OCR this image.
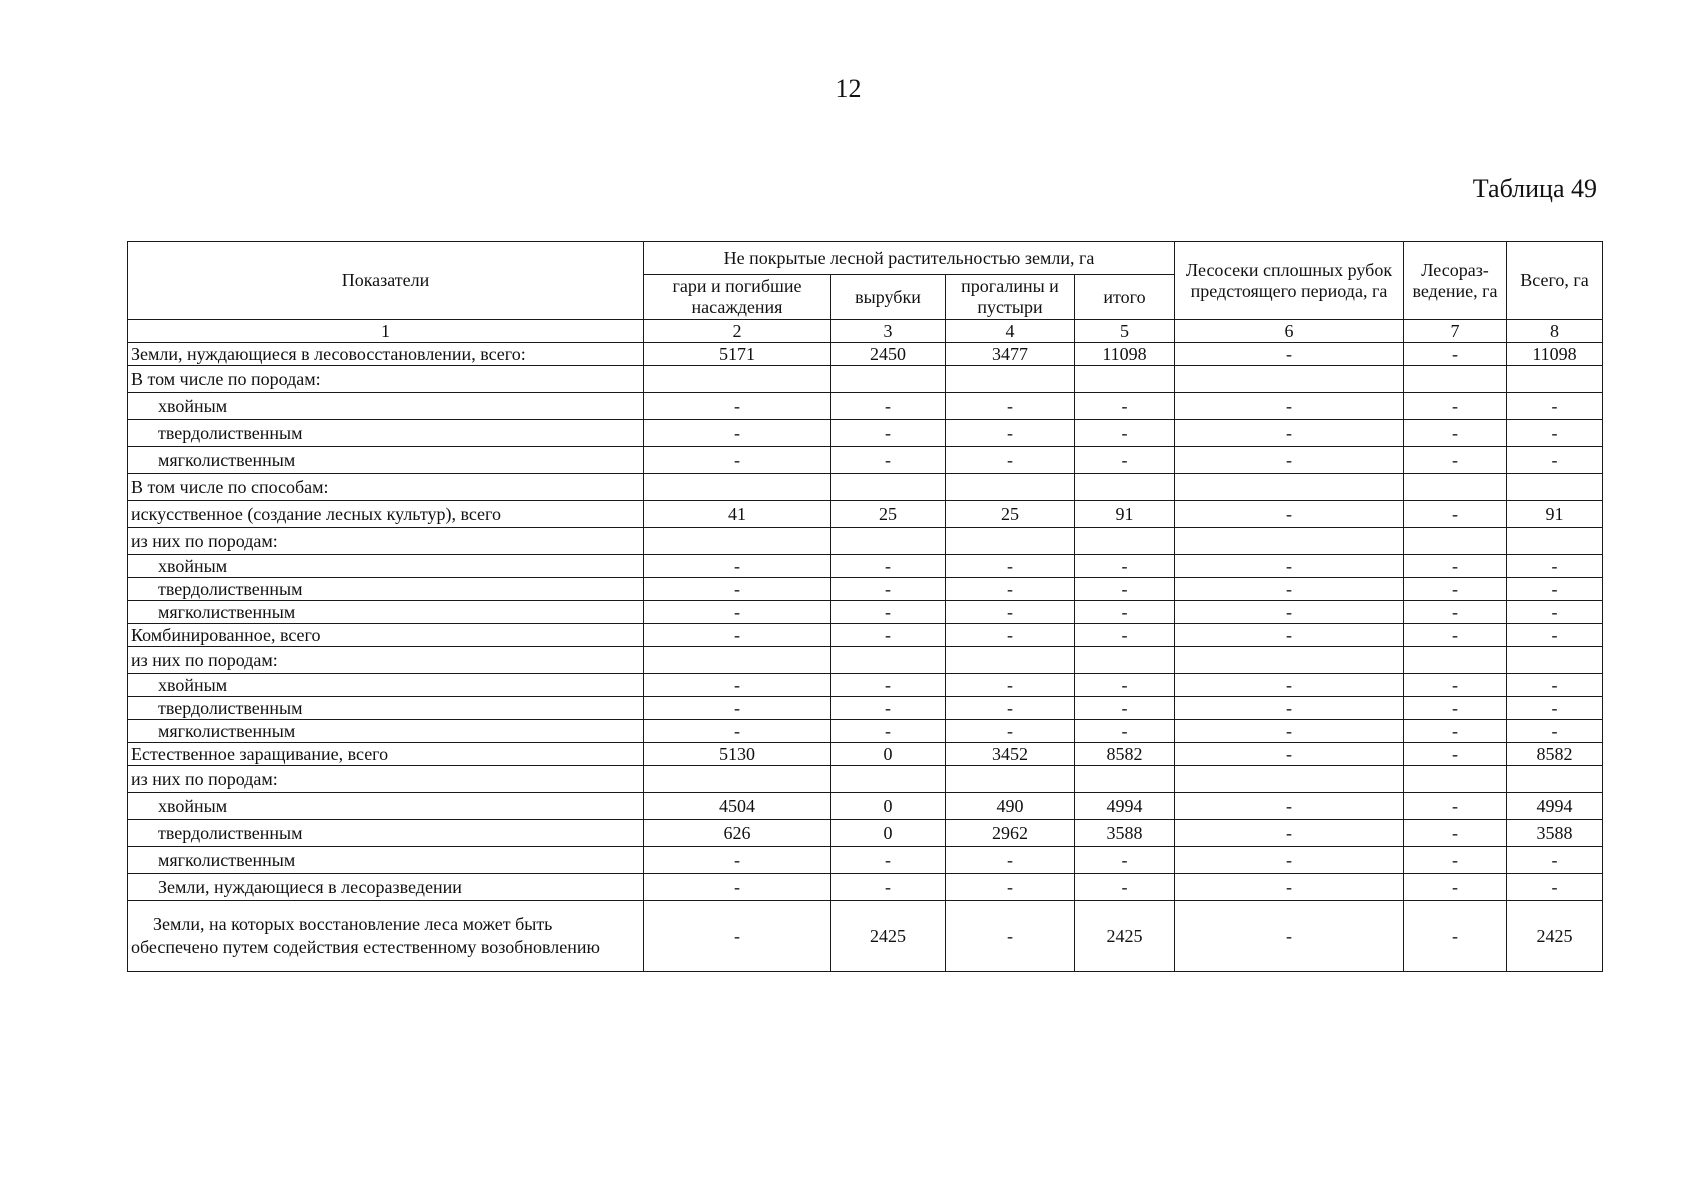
12
Таблица 49
Показатели	Не покрытые лесной растительностью земли, га				Лесосеки сплошных рубок предстоящего периода, га	Лесораз-ведение, га	Всего, га
	гари и погибшие насаждения	вырубки	прогалины и пустыри	итого			
1	2	3	4	5	6	7	8
Земли, нуждающиеся в лесовосстановлении, всего:	5171	2450	3477	11098	-	-	11098
В том числе по породам:							
хвойным	-	-	-	-	-	-	-
твердолиственным	-	-	-	-	-	-	-
мягколиственным	-	-	-	-	-	-	-
В том числе по способам:							
искусственное (создание лесных культур), всего	41	25	25	91	-	-	91
из них по породам:							
хвойным	-	-	-	-	-	-	-
твердолиственным	-	-	-	-	-	-	-
мягколиственным	-	-	-	-	-	-	-
Комбинированное, всего	-	-	-	-	-	-	-
из них по породам:							
хвойным	-	-	-	-	-	-	-
твердолиственным	-	-	-	-	-	-	-
мягколиственным	-	-	-	-	-	-	-
Естественное заращивание, всего	5130	0	3452	8582	-	-	8582
из них по породам:							
хвойным	4504	0	490	4994	-	-	4994
твердолиственным	626	0	2962	3588	-	-	3588
мягколиственным	-	-	-	-	-	-	-
Земли, нуждающиеся в лесоразведении	-	-	-	-	-	-	-
Земли, на которых восстановление леса может быть обеспечено путем содействия естественному возобновлению	-	2425	-	2425	-	-	2425
